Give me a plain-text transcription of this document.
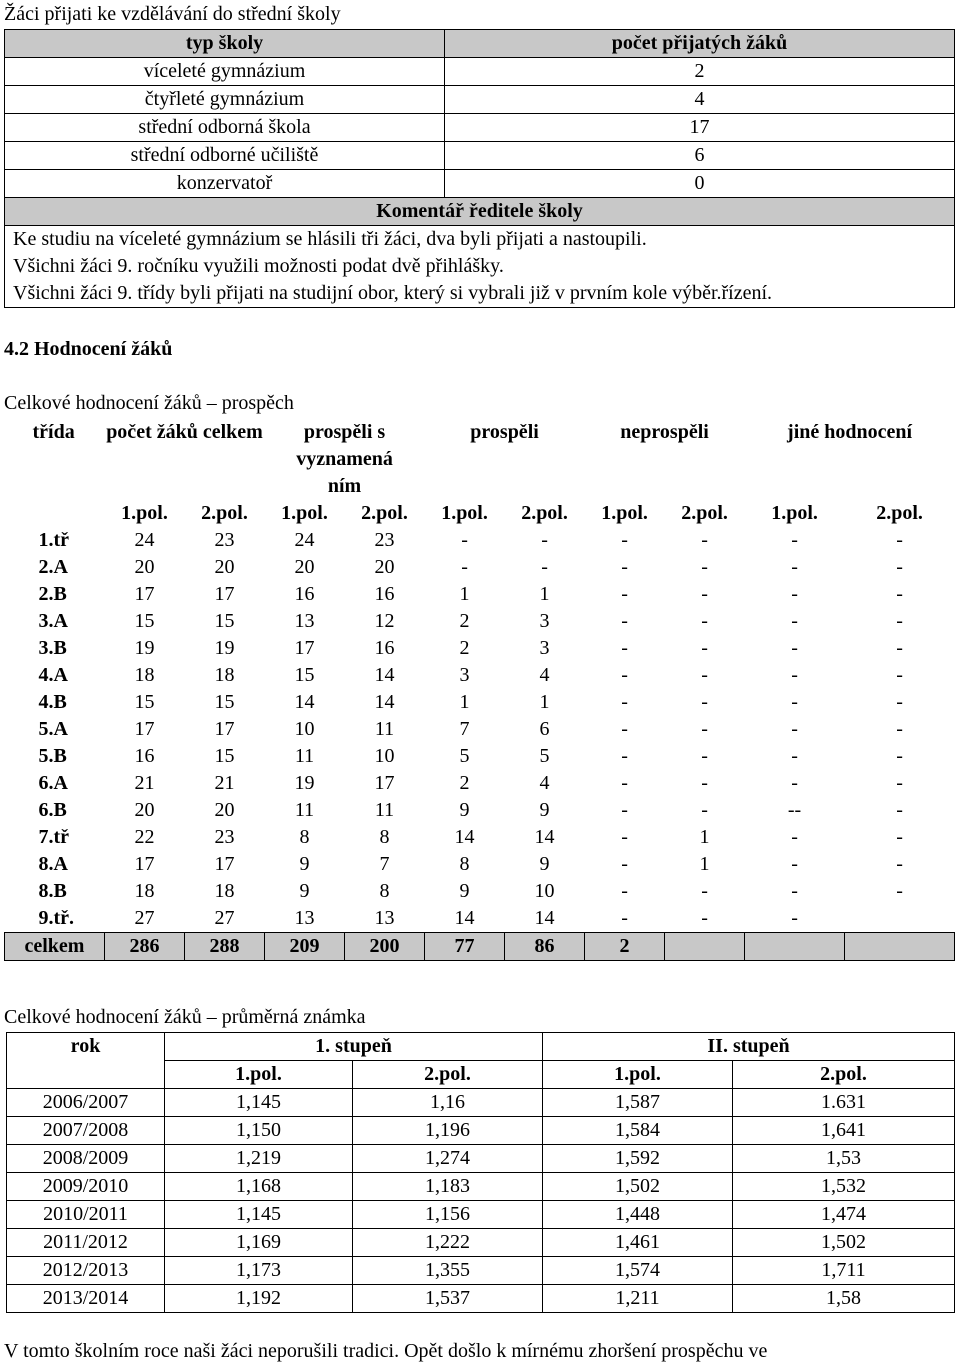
Žáci přijati ke vzdělávání do střední školy
typ školy	počet přijatých žáků
víceleté gymnázium	2
čtyřleté gymnázium	4
střední odborná škola	17
střední odborné učiliště	6
konzervatoř	0
Komentář ředitele školy	
Ke studiu na víceleté gymnázium se hlásili tři žáci, dva byli přijati a nastoupili.	
Všichni žáci 9. ročníku využili možnosti podat dvě přihlášky.	
Všichni žáci 9. třídy byli přijati na studijní obor, který si vybrali již v prvním kole výběr.řízení.	
4.2 Hodnocení žáků
Celkové hodnocení žáků – prospěch
třída	počet žáků celkem		prospěli s vyznamená ním		prospěli		neprospěli		jiné hodnocení	
	1.pol.	2.pol.	1.pol.	2.pol.	1.pol.	2.pol.	1.pol.	2.pol.	1.pol.	2.pol.
1.tř	24	23	24	23	-	-	-	-	-	-
2.A	20	20	20	20	-	-	-	-	-	-
2.B	17	17	16	16	1	1	-	-	-	-
3.A	15	15	13	12	2	3	-	-	-	-
3.B	19	19	17	16	2	3	-	-	-	-
4.A	18	18	15	14	3	4	-	-	-	-
4.B	15	15	14	14	1	1	-	-	-	-
5.A	17	17	10	11	7	6	-	-	-	-
5.B	16	15	11	10	5	5	-	-	-	-
6.A	21	21	19	17	2	4	-	-	-	-
6.B	20	20	11	11	9	9	-	-	--	-
7.tř	22	23	8	8	14	14	-	1	-	-
8.A	17	17	9	7	8	9	-	1	-	-
8.B	18	18	9	8	9	10	-	-	-	-
9.tř.	27	27	13	13	14	14	-	-	-	
celkem	286	288	209	200	77	86	2			
Celkové hodnocení žáků – průměrná známka
rok	1. stupeň		II. stupeň	
	1.pol.	2.pol.	1.pol.	2.pol.
2006/2007	1,145	1,16	1,587	1.631
2007/2008	1,150	1,196	1,584	1,641
2008/2009	1,219	1,274	1,592	1,53
2009/2010	1,168	1,183	1,502	1,532
2010/2011	1,145	1,156	1,448	1,474
2011/2012	1,169	1,222	1,461	1,502
2012/2013	1,173	1,355	1,574	1,711
2013/2014	1,192	1,537	1,211	1,58
V tomto školním roce naši žáci neporušili tradici. Opět došlo k mírnému zhoršení prospěchu ve
